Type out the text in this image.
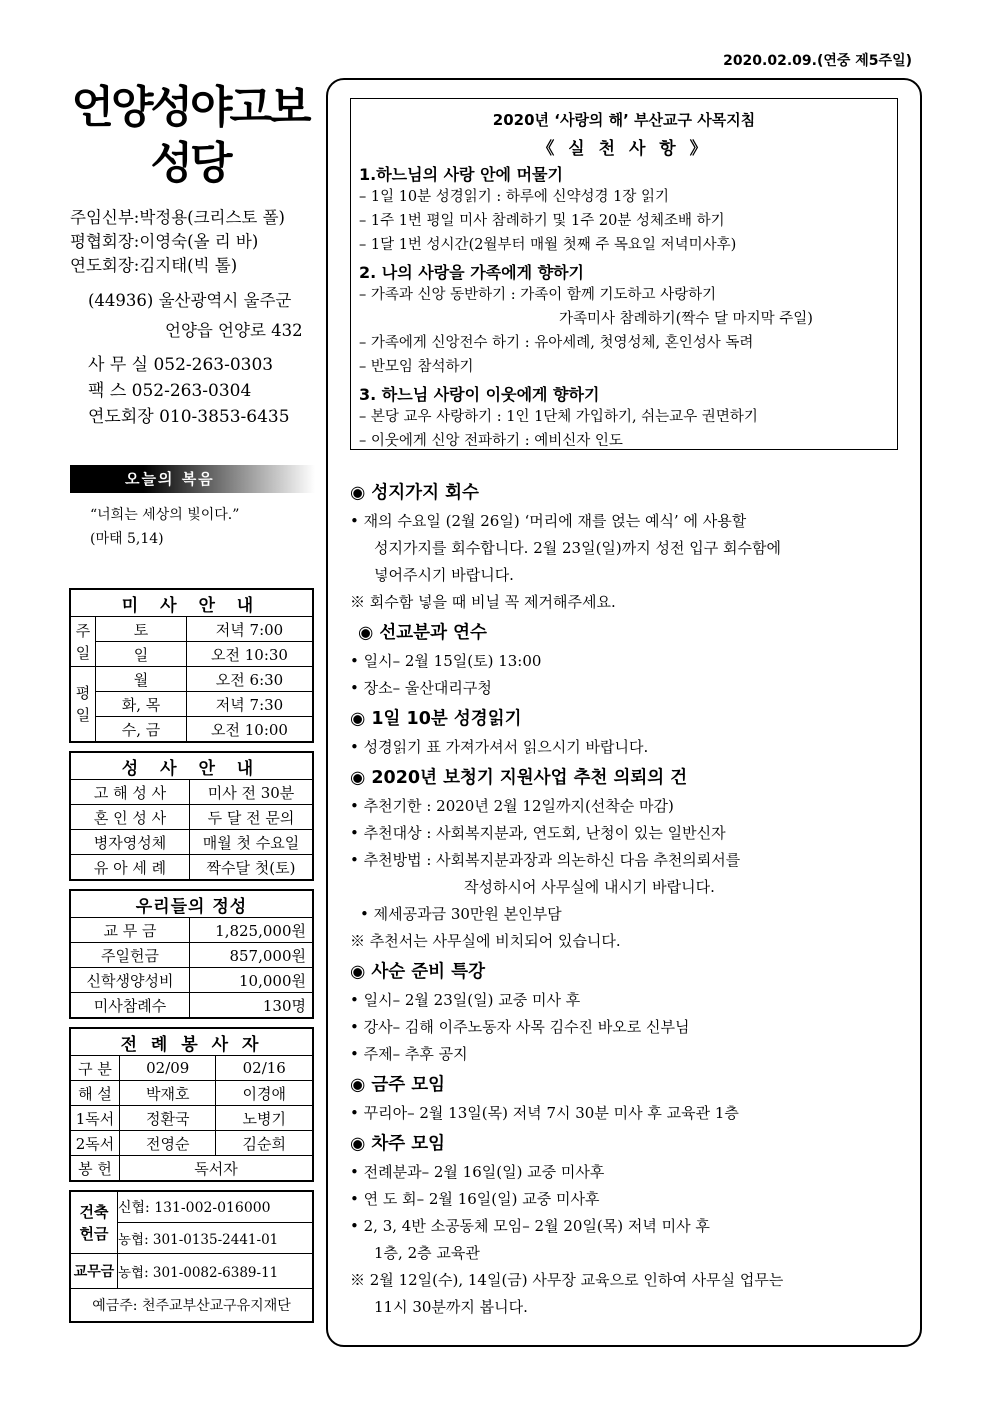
2020.02.09.(연중 제5주일)
언양성야고보
성당
주임신부:박정용(크리스토 폴)
평협회장:이영숙(올 리 바)
연도회장:김지태(빅 톨)
(44936) 울산광역시 울주군
언양읍 언양로 432
사 무 실 052-263-0303
팩 스 052-263-0304
연도회장 010-3853-6435
오늘의 복음
“너희는 세상의 빛이다.”
(마태 5,14)
미 사 안 내		
주일	토	저녁 7:00
	일	오전 10:30
평일	월	오전 6:30
	화, 목	저녁 7:30
	수, 금	오전 10:00
성 사 안 내	
고 해 성 사	미사 전 30분
혼 인 성 사	두 달 전 문의
병자영성체	매월 첫 수요일
유 아 세 례	짝수달 첫(토)
우리들의 정성	
교 무 금	1,825,000원
주일헌금	857,000원
신학생양성비	10,000원
미사참례수	130명
전 례 봉 사 자		
구 분	02/09	02/16
해 설	박재호	이경애
1독서	정환국	노병기
2독서	전영순	김순희
봉 헌	독서자	
건축
헌금	신협: 131-002-016000
	농협: 301-0135-2441-01
교무금	농협: 301-0082-6389-11
예금주: 천주교부산교구유지재단	
2020년 ‘사랑의 해’ 부산교구 사목지침
《 실 천 사 항 》
1.하느님의 사랑 안에 머물기
– 1일 10분 성경읽기 : 하루에 신약성경 1장 읽기
– 1주 1번 평일 미사 참례하기 및 1주 20분 성체조배 하기
– 1달 1번 성시간(2월부터 매월 첫째 주 목요일 저녁미사후)
2. 나의 사랑을 가족에게 향하기
– 가족과 신앙 동반하기 : 가족이 함께 기도하고 사랑하기
가족미사 참례하기(짝수 달 마지막 주일)
– 가족에게 신앙전수 하기 : 유아세례, 첫영성체, 혼인성사 독려
– 반모임 참석하기
3. 하느님 사랑이 이웃에게 향하기
– 본당 교우 사랑하기 : 1인 1단체 가입하기, 쉬는교우 권면하기
– 이웃에게 신앙 전파하기 : 예비신자 인도
◉ 성지가지 회수
• 재의 수요일 (2월 26일) ‘머리에 재를 얹는 예식’ 에 사용할
성지가지를 회수합니다. 2월 23일(일)까지 성전 입구 회수함에
넣어주시기 바랍니다.
※ 회수함 넣을 때 비닐 꼭 제거해주세요.
◉ 선교분과 연수
• 일시– 2월 15일(토) 13:00
• 장소– 울산대리구청
◉ 1일 10분 성경읽기
• 성경읽기 표 가져가셔서 읽으시기 바랍니다.
◉ 2020년 보청기 지원사업 추천 의뢰의 건
• 추천기한 : 2020년 2월 12일까지(선착순 마감)
• 추천대상 : 사회복지분과, 연도회, 난청이 있는 일반신자
• 추천방법 : 사회복지분과장과 의논하신 다음 추천의뢰서를
작성하시어 사무실에 내시기 바랍니다.
• 제세공과금 30만원 본인부담
※ 추천서는 사무실에 비치되어 있습니다.
◉ 사순 준비 특강
• 일시– 2월 23일(일) 교중 미사 후
• 강사– 김해 이주노동자 사목 김수진 바오로 신부님
• 주제– 추후 공지
◉ 금주 모임
• 꾸리아– 2월 13일(목) 저녁 7시 30분 미사 후 교육관 1층
◉ 차주 모임
• 전례분과– 2월 16일(일) 교중 미사후
• 연 도 회– 2월 16일(일) 교중 미사후
• 2, 3, 4반 소공동체 모임– 2월 20일(목) 저녁 미사 후
1층, 2층 교육관
※ 2월 12일(수), 14일(금) 사무장 교육으로 인하여 사무실 업무는
11시 30분까지 봅니다.
